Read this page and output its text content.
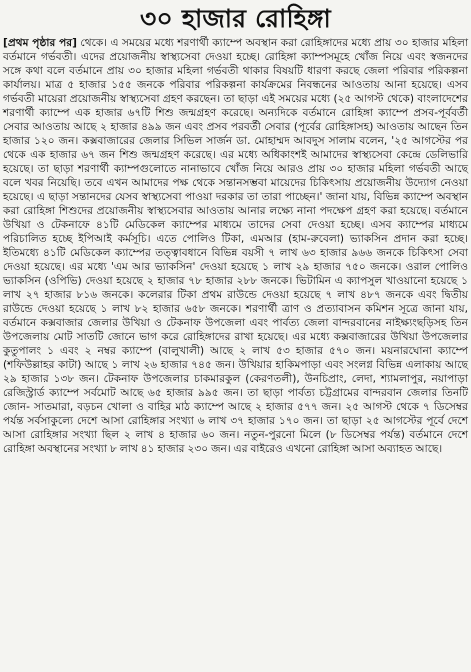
৩০ হাজার রোহিঙ্গা

[প্রথম পৃষ্ঠার পর] থেকে। এ সময়ের মধ্যে শরণার্থী ক্যাম্পে অবস্থান করা রোহিঙ্গাদের মধ্যে প্রায় ৩০ হাজার মহিলা বর্তমানে গর্ভবতী। এদের প্রয়োজনীয় স্বাস্থ্যসেবা দেওয়া হচ্ছে। রোহিঙ্গা ক্যাম্পসমূহে খোঁজ নিয়ে এবং স্বজনদের সঙ্গে কথা বলে বর্তমানে প্রায় ৩০ হাজার মহিলা গর্ভবতী থাকার বিষয়টি ধারণা করছে জেলা পরিবার পরিকল্পনা কার্যালয়। মাত্র ৫ হাজার ১৫৫ জনকে পরিবার পরিকল্পনা কার্যক্রমের নিবন্ধনের আওতায় আনা হয়েছে। এসব গর্ভবতী মায়েরা প্রয়োজনীয় স্বাস্থ্যসেবা গ্রহণ করছেন। তা ছাড়া এই সময়ের মধ্যে (২৫ আগস্ট থেকে) বাংলাদেশের শরণার্থী ক্যাম্পে এক হাজার ৬৭টি শিশু জন্মগ্রহণ করেছে। অন্যদিকে বর্তমানে রোহিঙ্গা ক্যাম্পে প্রসব-পূর্ববর্তী সেবার আওতায় আছে ২ হাজার ৪৯৯ জন এবং প্রসব পরবর্তী সেবার (পূর্বের রোহিঙ্গাসহ) আওতায় আছেন তিন হাজার ১২০ জন। কক্সবাজারের জেলার সিভিল সার্জন ডা. মোহাম্মদ আবদুস সালাম বলেন, '২৫ আগস্টের পর থেকে এক হাজার ৬৭ জন শিশু জন্মগ্রহণ করেছে। এর মধ্যে অধিকাংশই আমাদের স্বাস্থ্যসেবা কেন্দ্রে ডেলিভারি হয়েছে। তা ছাড়া শরণার্থী ক্যাম্পগুলোতে নানাভাবে খোঁজ নিয়ে আরও প্রায় ৩০ হাজার মহিলা গর্ভবতী আছে বলে খবর নিয়েছি। তবে এখন আমাদের পক্ষ থেকে সন্তানসম্ভবা মায়েদের চিকিৎসায় প্রয়োজনীয় উদ্যোগ নেওয়া হয়েছে। এ ছাড়া সন্তানদের যেসব স্বাস্থ্যসেবা পাওয়া দরকার তা তারা পাচ্ছেন।' জানা যায়, বিভিন্ন ক্যাম্পে অবস্থান করা রোহিঙ্গা শিশুদের প্রয়োজনীয় স্বাস্থ্যসেবার আওতায় আনার লক্ষ্যে নানা পদক্ষেপ গ্রহণ করা হয়েছে। বর্তমানে উখিয়া ও টেকনাফে ৪১টি মেডিকেল ক্যাম্পের মাধ্যমে তাদের সেবা দেওয়া হচ্ছে। এসব ক্যাম্পের মাধ্যমে পরিচালিত হচ্ছে ইপিআই কর্মসূচি। এতে পোলিও টিকা, এমআর (হাম-রুবেলা) ভ্যাকসিন প্রদান করা হচ্ছে। ইতিমধ্যে ৪১টি মেডিকেল ক্যাম্পের তত্ত্বাবধানে বিভিন্ন বয়সী ৭ লাখ ৬৩ হাজার ৯৬৬ জনকে চিকিৎসা সেবা দেওয়া হয়েছে। এর মধ্যে 'এম আর ভ্যাকসিন' দেওয়া হয়েছে ১ লাখ ২৯ হাজার ৭৫০ জনকে। ওরাল পোলিও ভ্যাকসিন (ওপিভি) দেওয়া হয়েছে ২ হাজার ৭৮ হাজার ২৮৮ জনকে। ভিটামিন এ ক্যাপসুল খাওয়ানো হয়েছে ১ লাখ ২৭ হাজার ৮১৬ জনকে। কলেরার টিকা প্রথম রাউন্ডে দেওয়া হয়েছে ৭ লাখ ৪৮৭ জনকে এবং দ্বিতীয় রাউন্ডে দেওয়া হয়েছে ১ লাখ ৮২ হাজার ৬৫৮ জনকে। শরণার্থী ত্রাণ ও প্রত্যাবাসন কমিশন সূত্রে জানা যায়, বর্তমানে কক্সবাজার জেলার উখিয়া ও টেকনাফ উপজেলা এবং পার্বত্য জেলা বান্দরবানের নাইক্ষ্যংছড়িসহ তিন উপজেলায় মোট সাতটি জোনে ভাগ করে রোহিঙ্গাদের রাখা হয়েছে। এর মধ্যে কক্সবাজারের উখিয়া উপজেলার কুতুপালং ১ এবং ২ নম্বর ক্যাম্পে (বালুখালী) আছে ২ লাখ ৫৩ হাজার ৫৭০ জন। ময়নারঘোনা ক্যাম্পে (শফিউল্লাহর কাটা) আছে ১ লাখ ২৬ হাজার ৭৪৫ জন। উখিয়ার হাকিমপাড়া এবং সংলগ্ন বিভিন্ন এলাকায় আছে ২৯ হাজার ১৩৮ জন। টেকনাফ উপজেলার চাকমারকুল (কেরণতলী), উনচিপ্রাং, লেদা, শ্যামলাপুর, নয়াপাড়া রেজিস্ট্রার্ড ক্যাম্পে সর্বমোট আছে ৬৫ হাজার ৯৯৫ জন। তা ছাড়া পার্বত্য চট্টগ্রামের বান্দরবান জেলার তিনটি জোন- সাতমারা, বড়চন খোলা ও বাহির মাঠ ক্যাম্পে আছে ২ হাজার ৫৭৭ জন। ২৫ আগস্ট থেকে ৭ ডিসেম্বর পর্যন্ত সর্বসাকুল্যে দেশে আসা রোহিঙ্গার সংখ্যা ৬ লাখ ৩৭ হাজার ১৭০ জন। তা ছাড়া ২৫ আগস্টের পূর্বে দেশে আসা রোহিঙ্গার সংখ্যা ছিল ২ লাখ ৪ হাজার ৬০ জন। নতুন-পুরনো মিলে (৮ ডিসেম্বর পর্যন্ত) বর্তমানে দেশে রোহিঙ্গা অবস্থানের সংখ্যা ৮ লাখ ৪১ হাজার ২৩০ জন। এর বাইরেও এখনো রোহিঙ্গা আসা অব্যাহত আছে।
